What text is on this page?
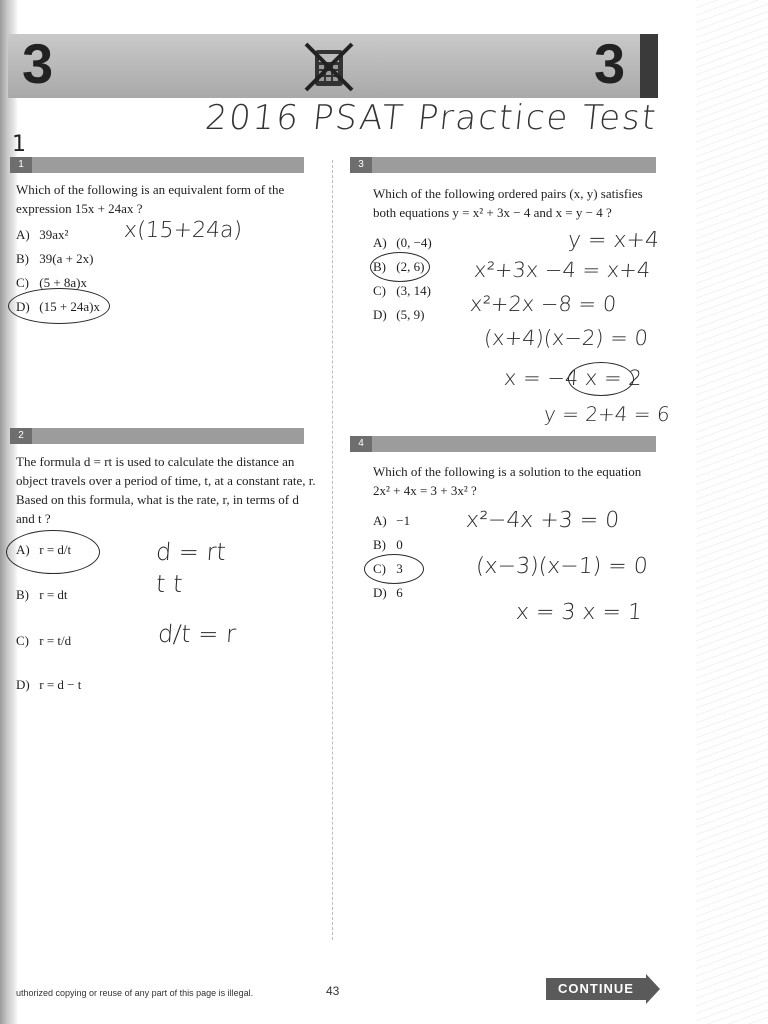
3	3
2016 PSAT Practice Test
1
1
Which of the following is an equivalent form of the expression 15x + 24ax ?
A) 39ax²
B) 39(a + 2x)
C) (5 + 8a)x
D) (15 + 24a)x
x(15+24a)
2
The formula d = rt is used to calculate the distance an object travels over a period of time, t, at a constant rate, r. Based on this formula, what is the rate, r, in terms of d and t ?
A) r = d/t
B) r = dt
C) r = t/d
D) r = d − t
d = rt
t t
d/t = r
3
Which of the following ordered pairs (x, y) satisfies both equations y = x² + 3x − 4 and x = y − 4 ?
A) (0, −4)
B) (2, 6)
C) (3, 14)
D) (5, 9)
y = x+4
x²+3x −4 = x+4
x²+2x −8 = 0
(x+4)(x−2) = 0
x = −4 x = 2
y = 2+4 = 6
4
Which of the following is a solution to the equation 2x² + 4x = 3 + 3x² ?
A) −1
B) 0
C) 3
D) 6
x²−4x +3 = 0
(x−3)(x−1) = 0
x = 3 x = 1
uthorized copying or reuse of any part of this page is illegal.	43	CONTINUE
